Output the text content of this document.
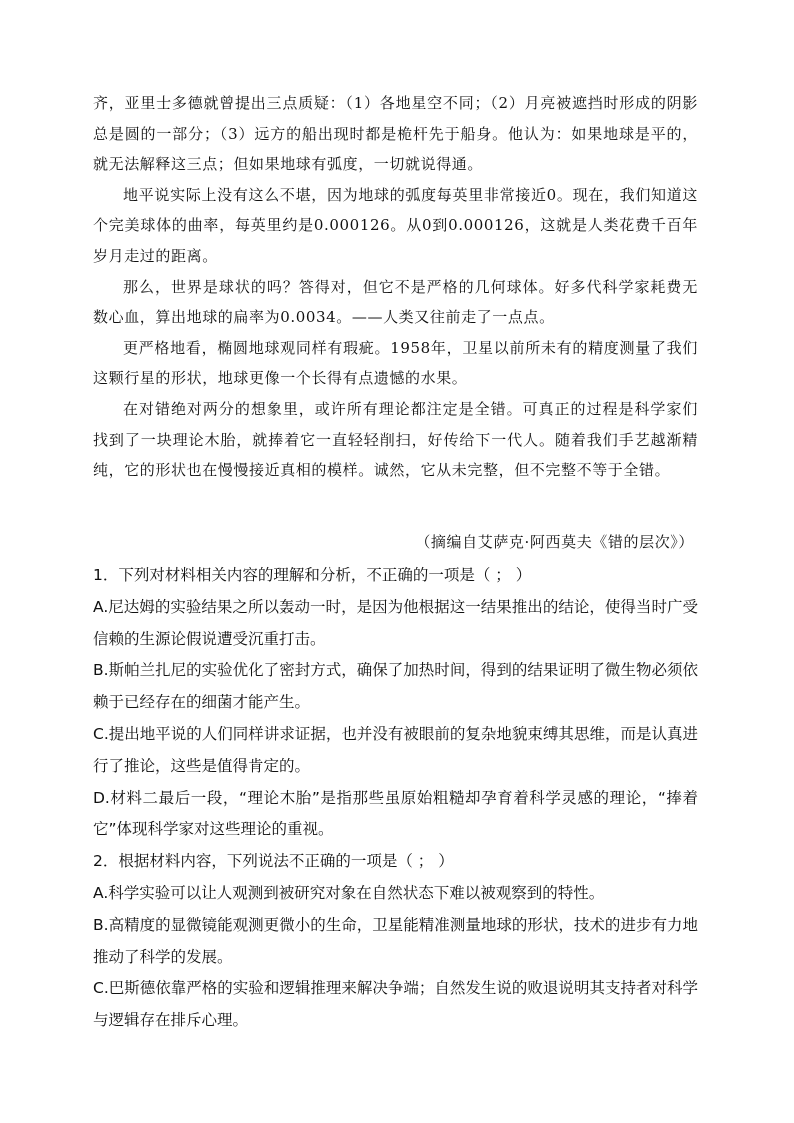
齐，亚里士多德就曾提出三点质疑：（1）各地星空不同；（2）月亮被遮挡时形成的阴影总是圆的一部分；（3）远方的船出现时都是桅杆先于船身。他认为：如果地球是平的，就无法解释这三点；但如果地球有弧度，一切就说得通。

地平说实际上没有这么不堪，因为地球的弧度每英里非常接近0。现在，我们知道这个完美球体的曲率，每英里约是0.000126。从0到0.000126，这就是人类花费千百年岁月走过的距离。

那么，世界是球状的吗？答得对，但它不是严格的几何球体。好多代科学家耗费无数心血，算出地球的扁率为0.0034。——人类又往前走了一点点。

更严格地看，椭圆地球观同样有瑕疵。1958年，卫星以前所未有的精度测量了我们这颗行星的形状，地球更像一个长得有点遗憾的水果。

在对错绝对两分的想象里，或许所有理论都注定是全错。可真正的过程是科学家们找到了一块理论木胎，就捧着它一直轻轻削扫，好传给下一代人。随着我们手艺越渐精纯，它的形状也在慢慢接近真相的模样。诚然，它从未完整，但不完整不等于全错。

（摘编自艾萨克·阿西莫夫《错的层次》）

1．下列对材料相关内容的理解和分析，不正确的一项是（ ； ）

A.尼达姆的实验结果之所以轰动一时，是因为他根据这一结果推出的结论，使得当时广受信赖的生源论假说遭受沉重打击。

B.斯帕兰扎尼的实验优化了密封方式，确保了加热时间，得到的结果证明了微生物必须依赖于已经存在的细菌才能产生。

C.提出地平说的人们同样讲求证据，也并没有被眼前的复杂地貌束缚其思维，而是认真进行了推论，这些是值得肯定的。

D.材料二最后一段，“理论木胎”是指那些虽原始粗糙却孕育着科学灵感的理论，“捧着它”体现科学家对这些理论的重视。

2．根据材料内容，下列说法不正确的一项是（ ； ）

A.科学实验可以让人观测到被研究对象在自然状态下难以被观察到的特性。

B.高精度的显微镜能观测更微小的生命，卫星能精准测量地球的形状，技术的进步有力地推动了科学的发展。

C.巴斯德依靠严格的实验和逻辑推理来解决争端；自然发生说的败退说明其支持者对科学与逻辑存在排斥心理。
